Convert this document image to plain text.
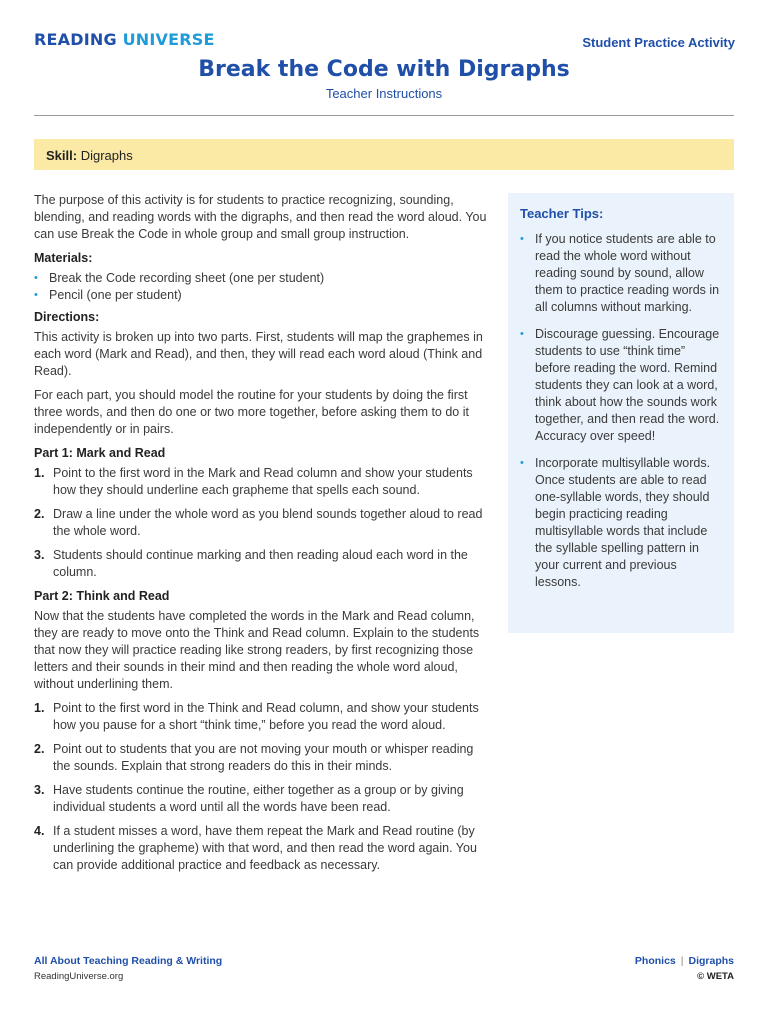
READING UNIVERSE	Student Practice Activity
Break the Code with Digraphs
Teacher Instructions
Skill: Digraphs

The purpose of this activity is for students to practice recognizing, sounding, blending, and reading words with the digraphs, and then read the word aloud. You can use Break the Code in whole group and small group instruction.

Materials:
• Break the Code recording sheet (one per student)
• Pencil (one per student)
Directions:

This activity is broken up into two parts. First, students will map the graphemes in each word (Mark and Read), and then, they will read each word aloud (Think and Read).

For each part, you should model the routine for your students by doing the first three words, and then do one or two more together, before asking them to do it independently or in pairs.

Part 1: Mark and Read
1. Point to the first word in the Mark and Read column and show your students how they should underline each grapheme that spells each sound.
2. Draw a line under the whole word as you blend sounds together aloud to read the whole word.
3. Students should continue marking and then reading aloud each word in the column.
Part 2: Think and Read

Now that the students have completed the words in the Mark and Read column, they are ready to move onto the Think and Read column. Explain to the students that now they will practice reading like strong readers, by first recognizing those letters and their sounds in their mind and then reading the whole word aloud, without underlining them.

1. Point to the first word in the Think and Read column, and show your students how you pause for a short “think time,” before you read the word aloud.
2. Point out to students that you are not moving your mouth or whisper reading the sounds. Explain that strong readers do this in their minds.
3. Have students continue the routine, either together as a group or by giving individual students a word until all the words have been read.
4. If a student misses a word, have them repeat the Mark and Read routine (by underlining the grapheme) with that word, and then read the word again. You can provide additional practice and feedback as necessary.
Teacher Tips:
• If you notice students are able to read the whole word without reading sound by sound, allow them to practice reading words in all columns without marking.
• Discourage guessing. Encourage students to use “think time” before reading the word. Remind students they can look at a word, think about how the sounds work together, and then read the word. Accuracy over speed!
• Incorporate multisyllable words. Once students are able to read one-syllable words, they should begin practicing reading multisyllable words that include the syllable spelling pattern in your current and previous lessons.
All About Teaching Reading & Writing
ReadingUniverse.org
Phonics | Digraphs
© WETA
